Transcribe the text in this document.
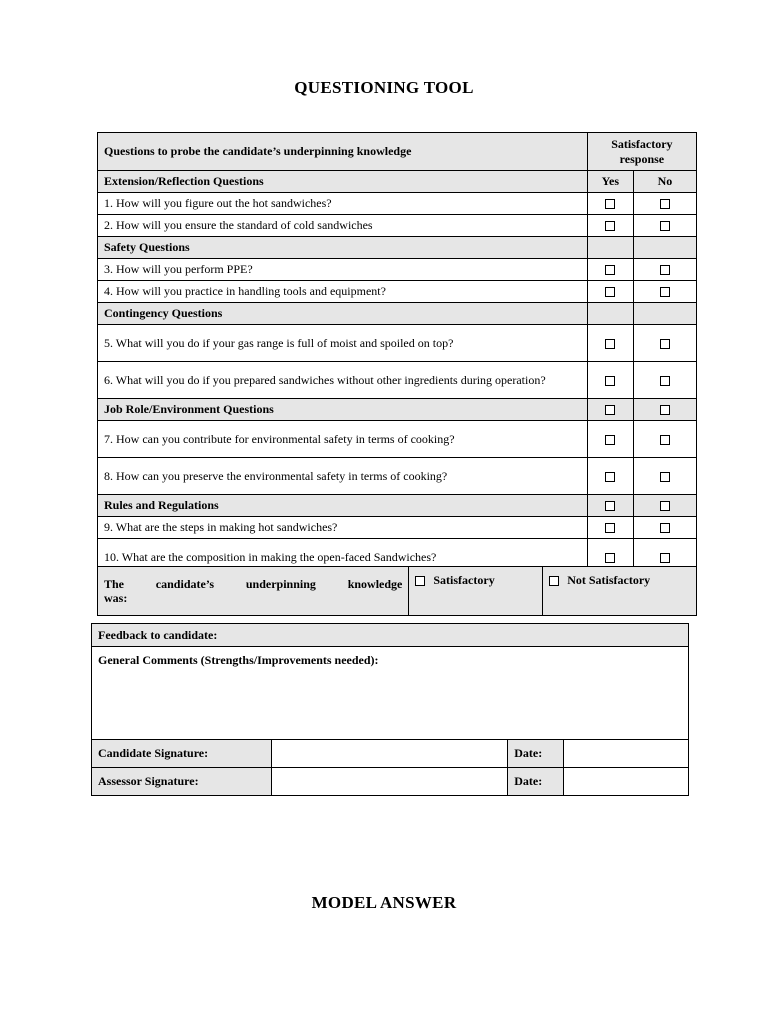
QUESTIONING TOOL
Questions to probe the candidate’s underpinning knowledge	Satisfactory
response	
Extension/Reflection Questions	Yes	No
1. How will you figure out the hot sandwiches?		
2. How will you ensure the standard of cold sandwiches		
Safety Questions		
3. How will you perform PPE?		
4. How will you practice in handling tools and equipment?		
Contingency Questions		
5. What will you do if your gas range is full of moist and spoiled on top?		
6. What will you do if you prepared sandwiches without other ingredients during operation?		
Job Role/Environment Questions		
7. How can you contribute for environmental safety in terms of cooking?		
8. How can you preserve the environmental safety in terms of cooking?		
Rules and Regulations		
9. What are the steps in making hot sandwiches?		
10. What are the composition in making the open-faced Sandwiches?		
The candidate’s underpinning knowledge
was:
	Satisfactory	Not Satisfactory
Feedback to candidate:			
General Comments (Strengths/Improvements needed):			
Candidate Signature:		Date:	
Assessor Signature:		Date:	
MODEL ANSWER
